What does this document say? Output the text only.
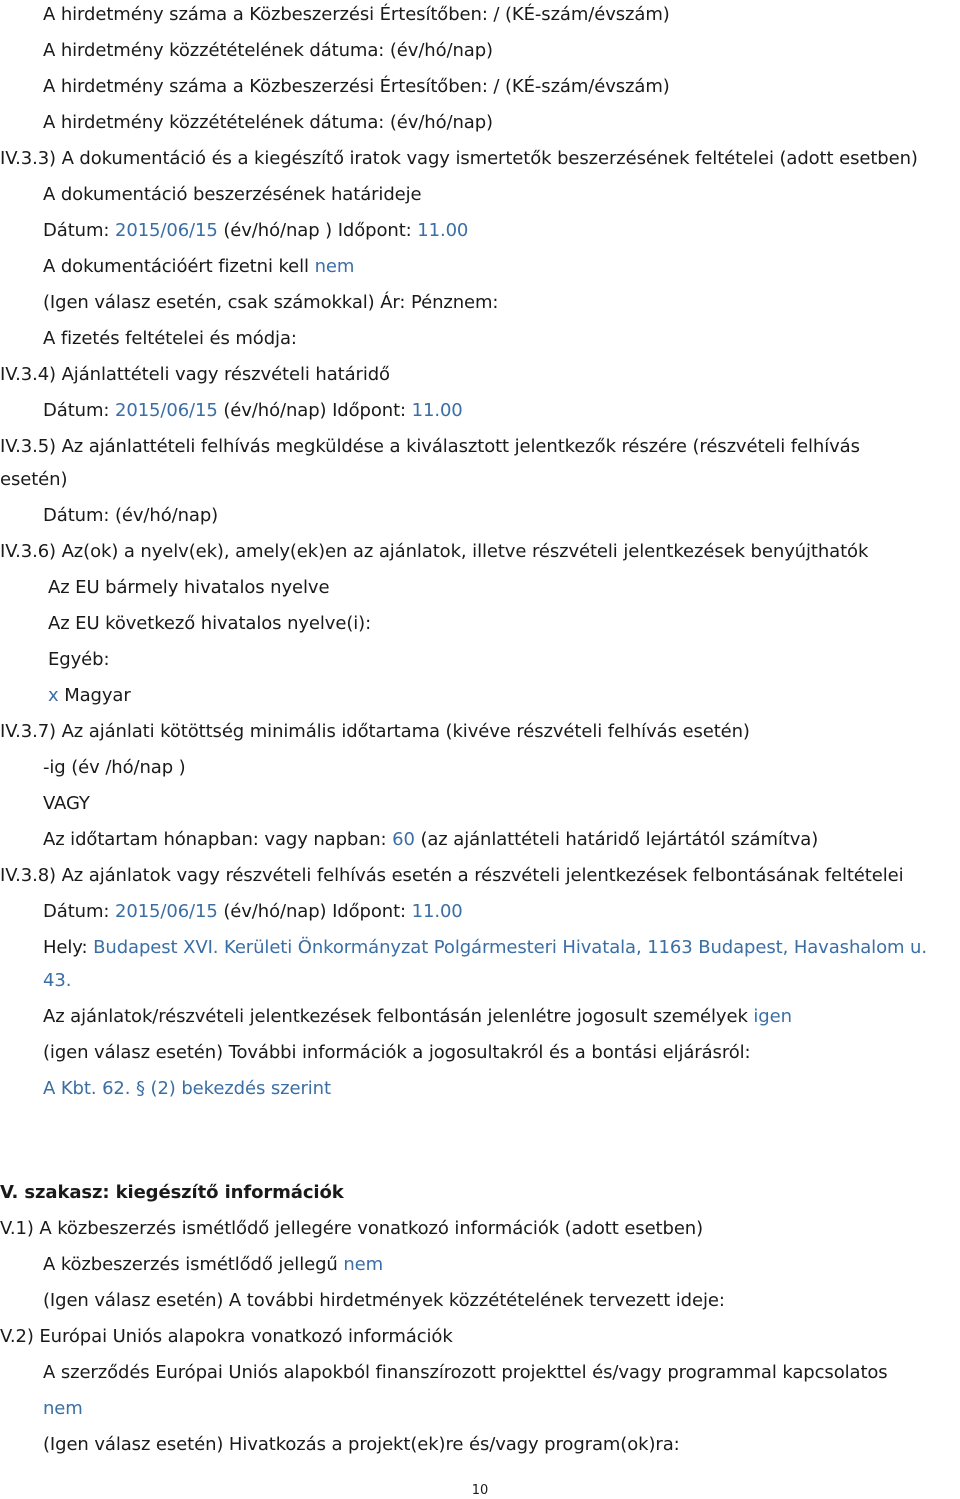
A hirdetmény száma a Közbeszerzési Értesítőben: / (KÉ-szám/évszám)
A hirdetmény közzétételének dátuma: (év/hó/nap)
A hirdetmény száma a Közbeszerzési Értesítőben: / (KÉ-szám/évszám)
A hirdetmény közzétételének dátuma: (év/hó/nap)
IV.3.3) A dokumentáció és a kiegészítő iratok vagy ismertetők beszerzésének feltételei (adott esetben)
A dokumentáció beszerzésének határideje
Dátum: 2015/06/15 (év/hó/nap ) Időpont: 11.00
A dokumentációért fizetni kell nem
(Igen válasz esetén, csak számokkal) Ár: Pénznem:
A fizetés feltételei és módja:
IV.3.4) Ajánlattételi vagy részvételi határidő
Dátum: 2015/06/15 (év/hó/nap) Időpont: 11.00
IV.3.5) Az ajánlattételi felhívás megküldése a kiválasztott jelentkezők részére (részvételi felhívás
esetén)
Dátum: (év/hó/nap)
IV.3.6) Az(ok) a nyelv(ek), amely(ek)en az ajánlatok, illetve részvételi jelentkezések benyújthatók
Az EU bármely hivatalos nyelve
Az EU következő hivatalos nyelve(i):
Egyéb:
x Magyar
IV.3.7) Az ajánlati kötöttség minimális időtartama (kivéve részvételi felhívás esetén)
-ig (év /hó/nap )
VAGY
Az időtartam hónapban: vagy napban: 60 (az ajánlattételi határidő lejártától számítva)
IV.3.8) Az ajánlatok vagy részvételi felhívás esetén a részvételi jelentkezések felbontásának feltételei
Dátum: 2015/06/15 (év/hó/nap) Időpont: 11.00
Hely: Budapest XVI. Kerületi Önkormányzat Polgármesteri Hivatala, 1163 Budapest, Havashalom u.
43.
Az ajánlatok/részvételi jelentkezések felbontásán jelenlétre jogosult személyek igen
(igen válasz esetén) További információk a jogosultakról és a bontási eljárásról:
A Kbt. 62. § (2) bekezdés szerint
V. szakasz: kiegészítő információk
V.1) A közbeszerzés ismétlődő jellegére vonatkozó információk (adott esetben)
A közbeszerzés ismétlődő jellegű nem
(Igen válasz esetén) A további hirdetmények közzétételének tervezett ideje:
V.2) Európai Uniós alapokra vonatkozó információk
A szerződés Európai Uniós alapokból finanszírozott projekttel és/vagy programmal kapcsolatos
nem
(Igen válasz esetén) Hivatkozás a projekt(ek)re és/vagy program(ok)ra:
10
